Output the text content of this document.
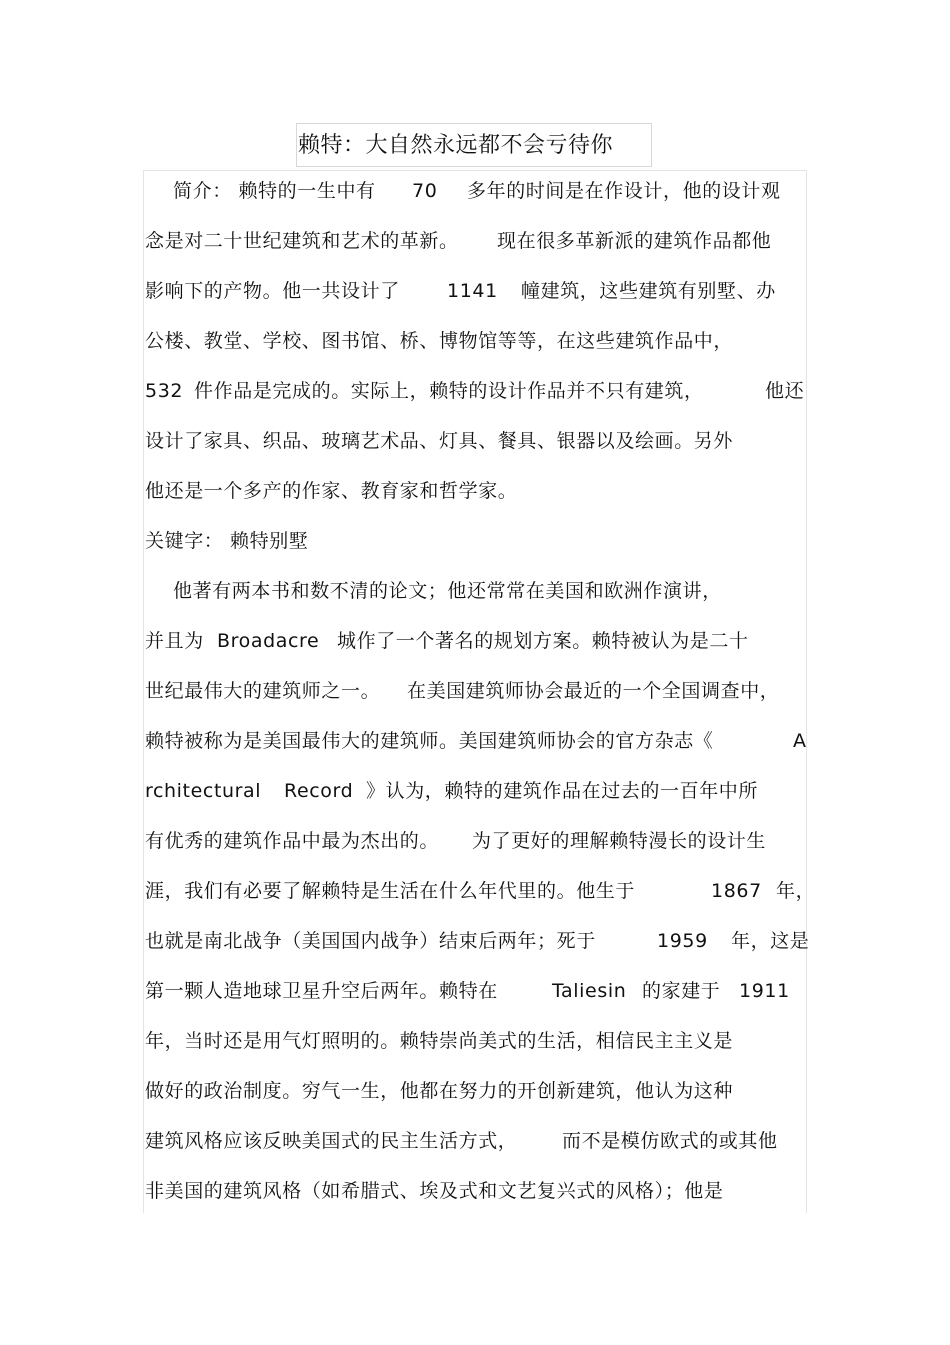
赖特：大自然永远都不会亏待你
简介： 赖特的一生中有 70 多年的时间是在作设计，他的设计观
念是对二十世纪建筑和艺术的革新。 现在很多革新派的建筑作品都他
影响下的产物。他一共设计了 1141 幢建筑，这些建筑有别墅、办
公楼、教堂、学校、图书馆、桥、博物馆等等，在这些建筑作品中，
532 件作品是完成的。实际上，赖特的设计作品并不只有建筑，	他还
设计了家具、织品、玻璃艺术品、灯具、餐具、银器以及绘画。另外
他还是一个多产的作家、教育家和哲学家。
关键字： 赖特别墅
他著有两本书和数不清的论文；他还常常在美国和欧洲作演讲，
并且为 Broadacre 城作了一个著名的规划方案。赖特被认为是二十
世纪最伟大的建筑师之一。 在美国建筑师协会最近的一个全国调查中，
赖特被称为是美国最伟大的建筑师。美国建筑师协会的官方杂志《	A
rchitectural Record 》认为，赖特的建筑作品在过去的一百年中所
有优秀的建筑作品中最为杰出的。 为了更好的理解赖特漫长的设计生
涯，我们有必要了解赖特是生活在什么年代里的。他生于	1867 年，
也就是南北战争（美国国内战争）结束后两年；死于	1959 年，这是
第一颗人造地球卫星升空后两年。赖特在	Taliesin 的家建于 1911
年，当时还是用气灯照明的。赖特崇尚美式的生活，相信民主主义是
做好的政治制度。穷气一生，他都在努力的开创新建筑，他认为这种
建筑风格应该反映美国式的民主生活方式， 而不是模仿欧式的或其他
非美国的建筑风格（如希腊式、埃及式和文艺复兴式的风格）；他是
